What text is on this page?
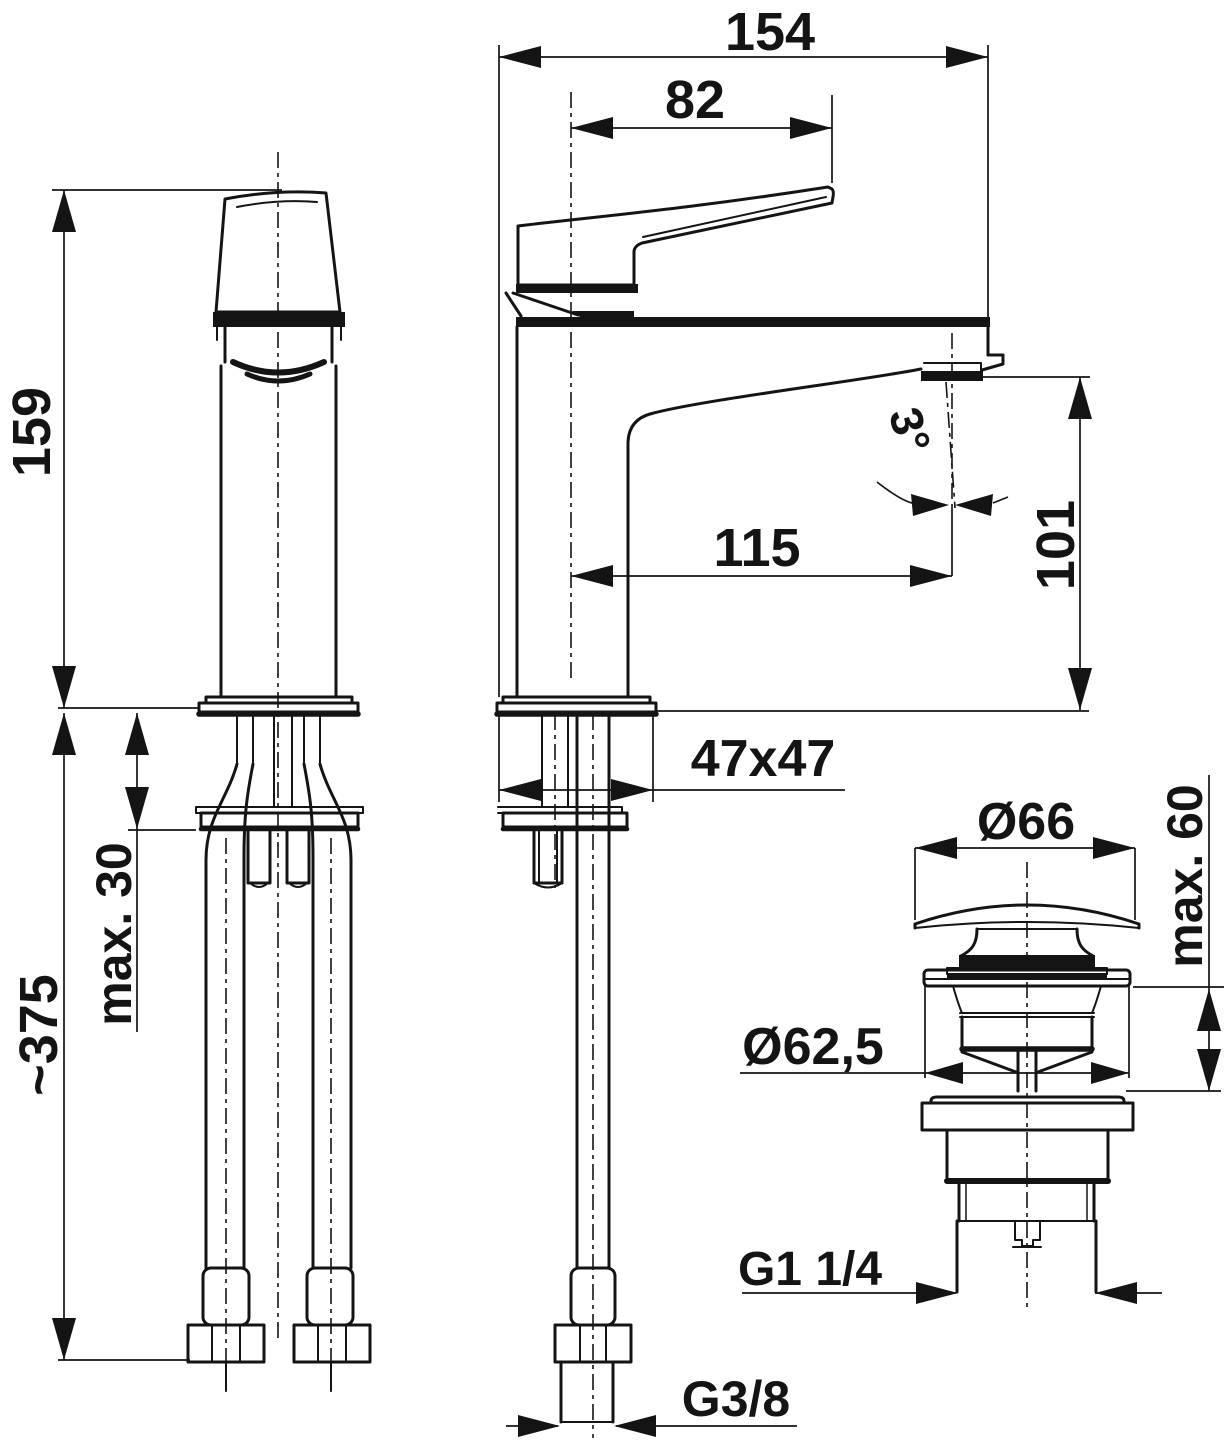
154
82
159
max. 30
~375
115	101
3°
47x47
Ø66 max. 60
Ø62,5
G1 1/4
G3/8
